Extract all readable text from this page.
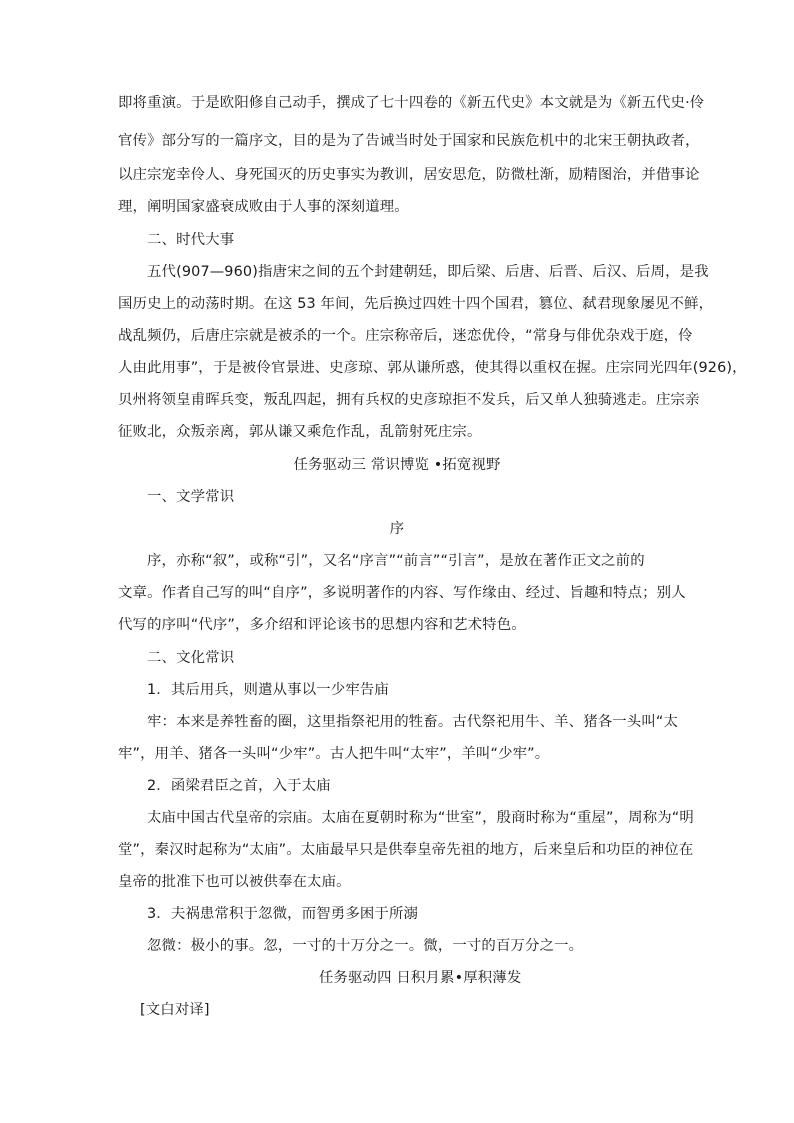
即将重演。于是欧阳修自己动手，撰成了七十四卷的《新五代史》本文就是为《新五代史·伶

官传》部分写的一篇序文，目的是为了告诫当时处于国家和民族危机中的北宋王朝执政者，

以庄宗宠幸伶人、身死国灭的历史事实为教训，居安思危，防微杜渐，励精图治，并借事论

理，阐明国家盛衰成败由于人事的深刻道理。

二、时代大事

五代(907—960)指唐宋之间的五个封建朝廷，即后梁、后唐、后晋、后汉、后周，是我

国历史上的动荡时期。在这 53 年间，先后换过四姓十四个国君，篡位、弑君现象屡见不鲜，

战乱频仍，后唐庄宗就是被杀的一个。庄宗称帝后，迷恋优伶，“常身与俳优杂戏于庭，伶

人由此用事”，于是被伶官景进、史彦琼、郭从谦所惑，使其得以重权在握。庄宗同光四年(926)，

贝州将领皇甫晖兵变，叛乱四起，拥有兵权的史彦琼拒不发兵，后又单人独骑逃走。庄宗亲

征败北，众叛亲离，郭从谦又乘危作乱，乱箭射死庄宗。

任务驱动三 常识博览 •拓宽视野

一、文学常识

序

序，亦称“叙”，或称“引”，又名“序言”“前言”“引言”，是放在著作正文之前的

文章。作者自己写的叫“自序”，多说明著作的内容、写作缘由、经过、旨趣和特点；别人

代写的序叫“代序”，多介绍和评论该书的思想内容和艺术特色。

二、文化常识

1．其后用兵，则遣从事以一少牢告庙

牢：本来是养牲畜的圈，这里指祭祀用的牲畜。古代祭祀用牛、羊、猪各一头叫“太

牢”，用羊、猪各一头叫“少牢”。古人把牛叫“太牢”，羊叫“少牢”。

2．函梁君臣之首，入于太庙

太庙中国古代皇帝的宗庙。太庙在夏朝时称为“世室”，殷商时称为“重屋”，周称为“明

堂”，秦汉时起称为“太庙”。太庙最早只是供奉皇帝先祖的地方，后来皇后和功臣的神位在

皇帝的批准下也可以被供奉在太庙。

3．夫祸患常积于忽微，而智勇多困于所溺

忽微：极小的事。忽，一寸的十万分之一。微，一寸的百万分之一。

任务驱动四 日积月累•厚积薄发

[文白对译]
